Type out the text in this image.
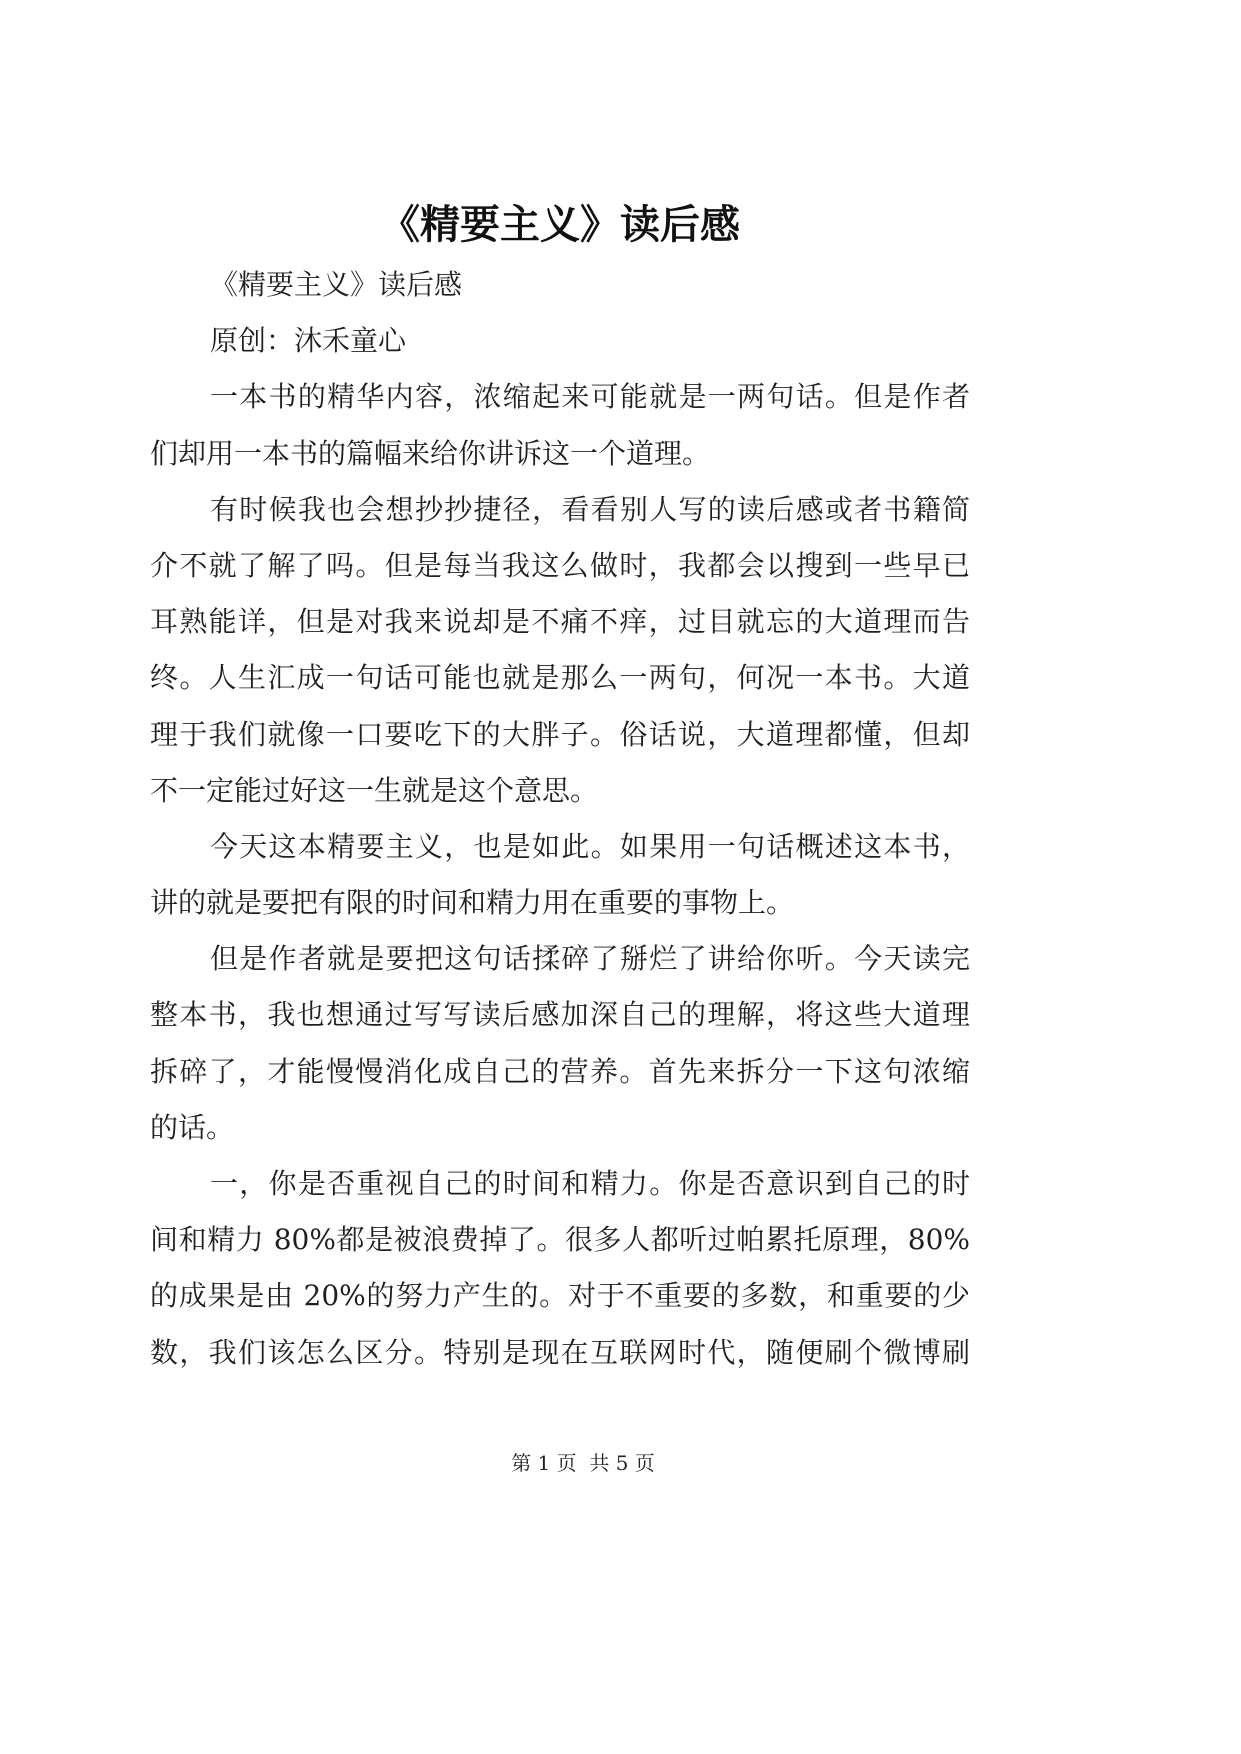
《精要主义》读后感
《精要主义》读后感
原创：沐禾童心
一本书的精华内容，浓缩起来可能就是一两句话。但是作者
们却用一本书的篇幅来给你讲诉这一个道理。
有时候我也会想抄抄捷径，看看别人写的读后感或者书籍简
介不就了解了吗。但是每当我这么做时，我都会以搜到一些早已
耳熟能详，但是对我来说却是不痛不痒，过目就忘的大道理而告
终。人生汇成一句话可能也就是那么一两句，何况一本书。大道
理于我们就像一口要吃下的大胖子。俗话说，大道理都懂，但却
不一定能过好这一生就是这个意思。
今天这本精要主义，也是如此。如果用一句话概述这本书，
讲的就是要把有限的时间和精力用在重要的事物上。
但是作者就是要把这句话揉碎了掰烂了讲给你听。今天读完
整本书，我也想通过写写读后感加深自己的理解，将这些大道理
拆碎了，才能慢慢消化成自己的营养。首先来拆分一下这句浓缩
的话。
一，你是否重视自己的时间和精力。你是否意识到自己的时
间和精力 80%都是被浪费掉了。很多人都听过帕累托原理，80%
的成果是由 20%的努力产生的。对于不重要的多数，和重要的少
数，我们该怎么区分。特别是现在互联网时代，随便刷个微博刷
第 1 页  共 5 页
